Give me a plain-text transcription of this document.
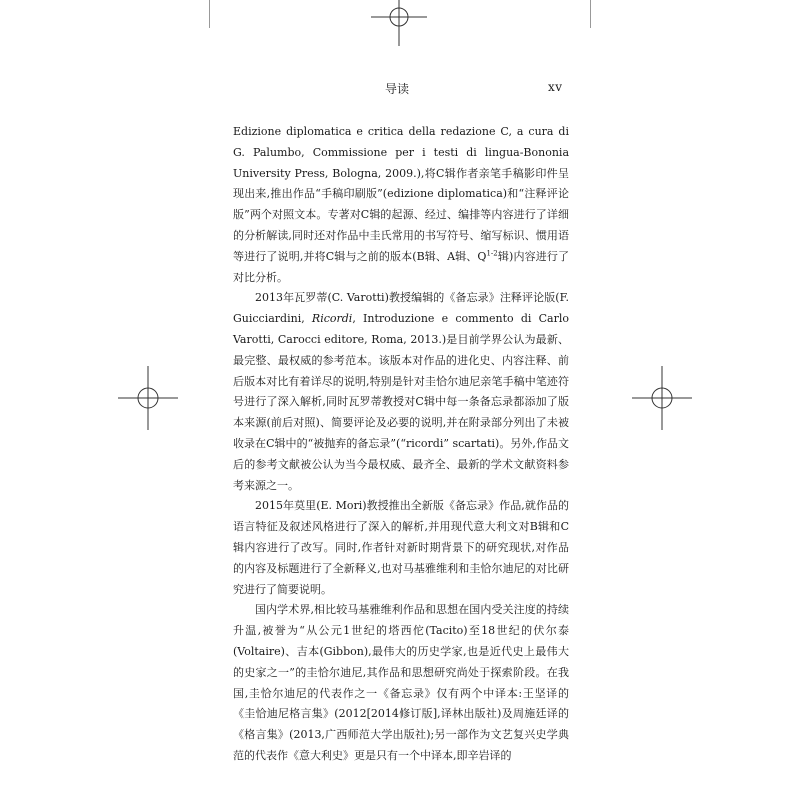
导读	xv

Edizione diplomatica e critica della redazione C, a cura di G. Palumbo, Commissione per i testi di lingua-Bononia University Press, Bologna, 2009.),将C辑作者亲笔手稿影印件呈现出来,推出作品“手稿印刷版”(edizione diplomatica)和“注释评论版”两个对照文本。专著对C辑的起源、经过、编排等内容进行了详细的分析解读,同时还对作品中圭氏常用的书写符号、缩写标识、惯用语等进行了说明,并将C辑与之前的版本(B辑、A辑、$Q^{1-2}$辑)内容进行了对比分析。

2013年瓦罗蒂(C. Varotti)教授编辑的《备忘录》注释评论版(F. Guicciardini, Ricordi, Introduzione e commento di Carlo Varotti, Carocci editore, Roma, 2013.)是目前学界公认为最新、最完整、最权威的参考范本。该版本对作品的进化史、内容注释、前后版本对比有着详尽的说明,特别是针对圭恰尔迪尼亲笔手稿中笔迹符号进行了深入解析,同时瓦罗蒂教授对C辑中每一条备忘录都添加了版本来源(前后对照)、简要评论及必要的说明,并在附录部分列出了未被收录在C辑中的“被抛弃的备忘录”(“ricordi” scartati)。另外,作品文后的参考文献被公认为当今最权威、最齐全、最新的学术文献资料参考来源之一。

2015年莫里(E. Mori)教授推出全新版《备忘录》作品,就作品的语言特征及叙述风格进行了深入的解析,并用现代意大利文对B辑和C辑内容进行了改写。同时,作者针对新时期背景下的研究现状,对作品的内容及标题进行了全新释义,也对马基雅维利和圭恰尔迪尼的对比研究进行了简要说明。

国内学术界,相比较马基雅维利作品和思想在国内受关注度的持续升温,被誉为“从公元1世纪的塔西佗(Tacito)至18世纪的伏尔泰(Voltaire)、吉本(Gibbon),最伟大的历史学家,也是近代史上最伟大的史家之一”的圭恰尔迪尼,其作品和思想研究尚处于探索阶段。在我国,圭恰尔迪尼的代表作之一《备忘录》仅有两个中译本:王坚译的《圭恰迪尼格言集》(2012[2014修订版],译林出版社)及周施廷译的《格言集》(2013,广西师范大学出版社);另一部作为文艺复兴史学典范的代表作《意大利史》更是只有一个中译本,即辛岩译的
